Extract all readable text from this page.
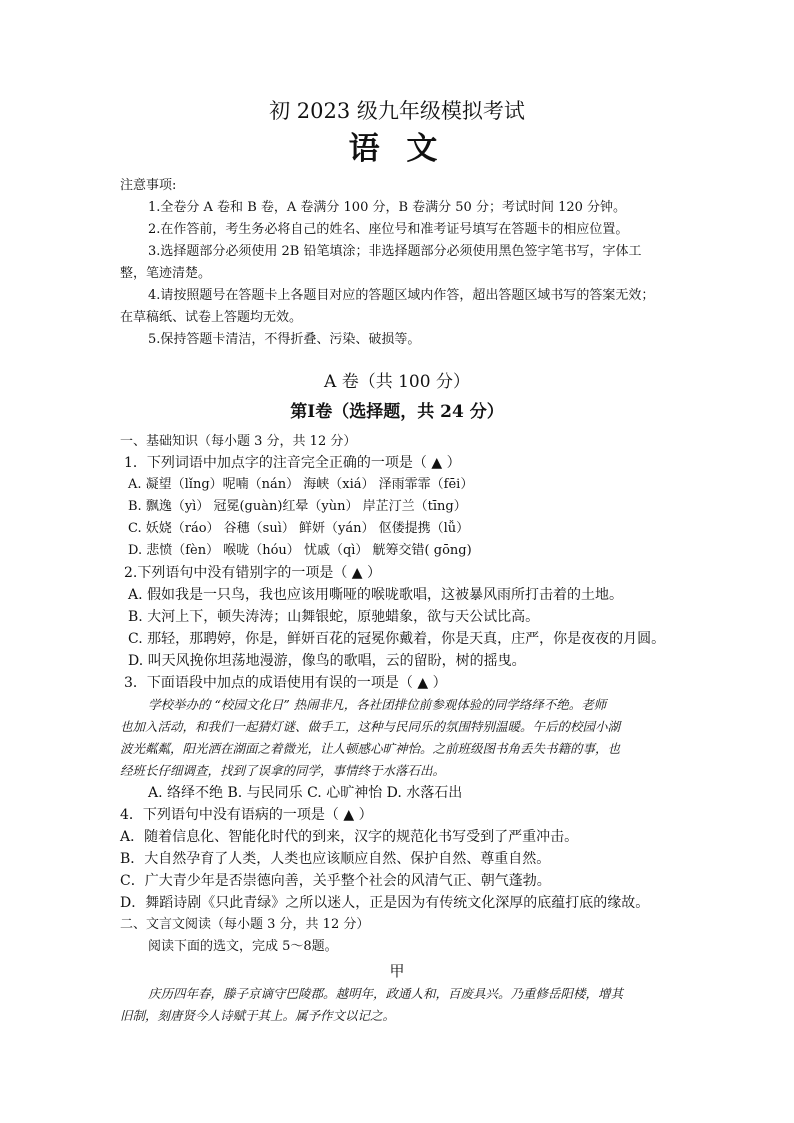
初 2023 级九年级模拟考试
语 文
注意事项:
1.全卷分 A 卷和 B 卷，A 卷满分 100 分，B 卷满分 50 分；考试时间 120 分钟。
2.在作答前，考生务必将自己的姓名、座位号和准考证号填写在答题卡的相应位置。
3.选择题部分必须使用 2B 铅笔填涂；非选择题部分必须使用黑色签字笔书写，字体工
整，笔迹清楚。
4.请按照题号在答题卡上各题目对应的答题区域内作答，超出答题区域书写的答案无效；
在草稿纸、试卷上答题均无效。
5.保持答题卡清洁，不得折叠、污染、破损等。
A 卷（共 100 分）
第Ⅰ卷（选择题，共 24 分）
一、基础知识（每小题 3 分，共 12 分）
1．下列词语中加点字的注音完全正确的一项是（ ▲ ）
A. 凝望（lǐng）呢喃（nán） 海峡（xiá） 泽雨霏霏（fēi）
B. 飘逸（yì） 冠冕(guàn)红晕（yùn） 岸芷汀兰（tīng）
C. 妖娆（ráo） 谷穗（suì） 鲜妍（yán） 伛偻提携（lǚ）
D. 悲愤（fèn） 喉咙（hóu） 忧戚（qì） 觥筹交错( gōng)
2.下列语句中没有错别字的一项是（ ▲ ）
A. 假如我是一只鸟，我也应该用嘶哑的喉咙歌唱，这被暴风雨所打击着的土地。
B. 大河上下，顿失涛涛；山舞银蛇，原驰蜡象，欲与天公试比高。
C. 那轻，那聘婷，你是，鲜妍百花的冠冕你戴着，你是天真，庄严，你是夜夜的月圆。
D. 叫天风挽你坦荡地漫游，像鸟的歌唱，云的留盼，树的摇曳。
3．下面语段中加点的成语使用有误的一项是（ ▲ ）
学校举办的 “校园文化日” 热闹非凡，各社团排位前参观体验的同学络绎不绝。老师
也加入活动，和我们一起猜灯谜、做手工，这种与民同乐的氛围特别温暖。午后的校园小湖
波光粼粼，阳光洒在湖面之着微光，让人顿感心旷神怡。之前班级图书角丢失书籍的事，也
经班长仔细调查，找到了误拿的同学，事情终于水落石出。
A. 络绎不绝 B. 与民同乐 C. 心旷神怡 D. 水落石出
4．下列语句中没有语病的一项是（ ▲ ）
A．随着信息化、智能化时代的到来，汉字的规范化书写受到了严重冲击。
B．大自然孕育了人类，人类也应该顺应自然、保护自然、尊重自然。
C．广大青少年是否崇德向善，关乎整个社会的风清气正、朝气蓬勃。
D．舞蹈诗剧《只此青绿》之所以迷人，正是因为有传统文化深厚的底蕴打底的缘故。
二、文言文阅读（每小题 3 分，共 12 分）
阅读下面的选文，完成 5～8题。
甲
庆历四年春，滕子京谪守巴陵郡。越明年，政通人和，百废具兴。乃重修岳阳楼，增其
旧制，刻唐贤今人诗赋于其上。属予作文以记之。
